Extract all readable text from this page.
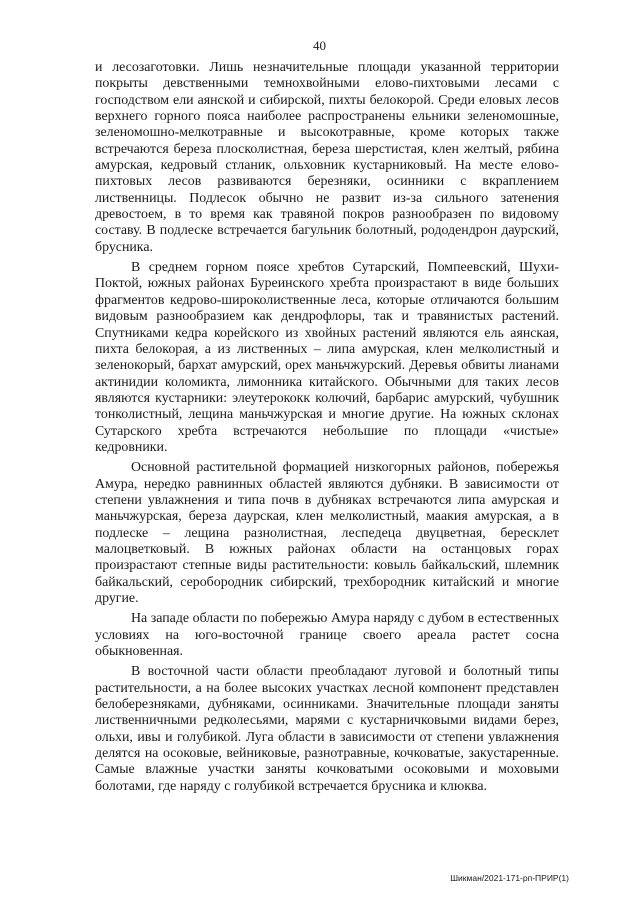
40

и лесозаготовки. Лишь незначительные площади указанной территории покрыты девственными темнохвойными елово-пихтовыми лесами с господством ели аянской и сибирской, пихты белокорой. Среди еловых лесов верхнего горного пояса наиболее распространены ельники зеленомошные, зеленомошно-мелкотравные и высокотравные, кроме которых также встречаются береза плосколистная, береза шерстистая, клен желтый, рябина амурская, кедровый стланик, ольховник кустарниковый. На месте елово-пихтовых лесов развиваются березняки, осинники с вкраплением лиственницы. Подлесок обычно не развит из-за сильного затенения древостоем, в то время как травяной покров разнообразен по видовому составу. В подлеске встречается багульник болотный, рододендрон даурский, брусника.

В среднем горном поясе хребтов Сутарский, Помпеевский, Шухи-Поктой, южных районах Буреинского хребта произрастают в виде больших фрагментов кедрово-широколиственные леса, которые отличаются большим видовым разнообразием как дендрофлоры, так и травянистых растений. Спутниками кедра корейского из хвойных растений являются ель аянская, пихта белокорая, а из лиственных – липа амурская, клен мелколистный и зеленокорый, бархат амурский, орех маньчжурский. Деревья обвиты лианами актинидии коломикта, лимонника китайского. Обычными для таких лесов являются кустарники: элеутерококк колючий, барбарис амурский, чубушник тонколистный, лещина маньчжурская и многие другие. На южных склонах Сутарского хребта встречаются небольшие по площади «чистые» кедровники.

Основной растительной формацией низкогорных районов, побережья Амура, нередко равнинных областей являются дубняки. В зависимости от степени увлажнения и типа почв в дубняках встречаются липа амурская и маньчжурская, береза даурская, клен мелколистный, маакия амурская, а в подлеске – лещина разнолистная, леспедеца двуцветная, бересклет малоцветковый. В южных районах области на останцовых горах произрастают степные виды растительности: ковыль байкальский, шлемник байкальский, серобородник сибирский, трехбородник китайский и многие другие.

На западе области по побережью Амура наряду с дубом в естественных условиях на юго-восточной границе своего ареала растет сосна обыкновенная.

В восточной части области преобладают луговой и болотный типы растительности, а на более высоких участках лесной компонент представлен белоберезняками, дубняками, осинниками. Значительные площади заняты лиственничными редколесьями, марями с кустарничковыми видами берез, ольхи, ивы и голубикой. Луга области в зависимости от степени увлажнения делятся на осоковые, вейниковые, разнотравные, кочковатые, закустаренные. Самые влажные участки заняты кочковатыми осоковыми и моховыми болотами, где наряду с голубикой встречается брусника и клюква.

Шикман/2021-171-рп-ПРИР(1)
